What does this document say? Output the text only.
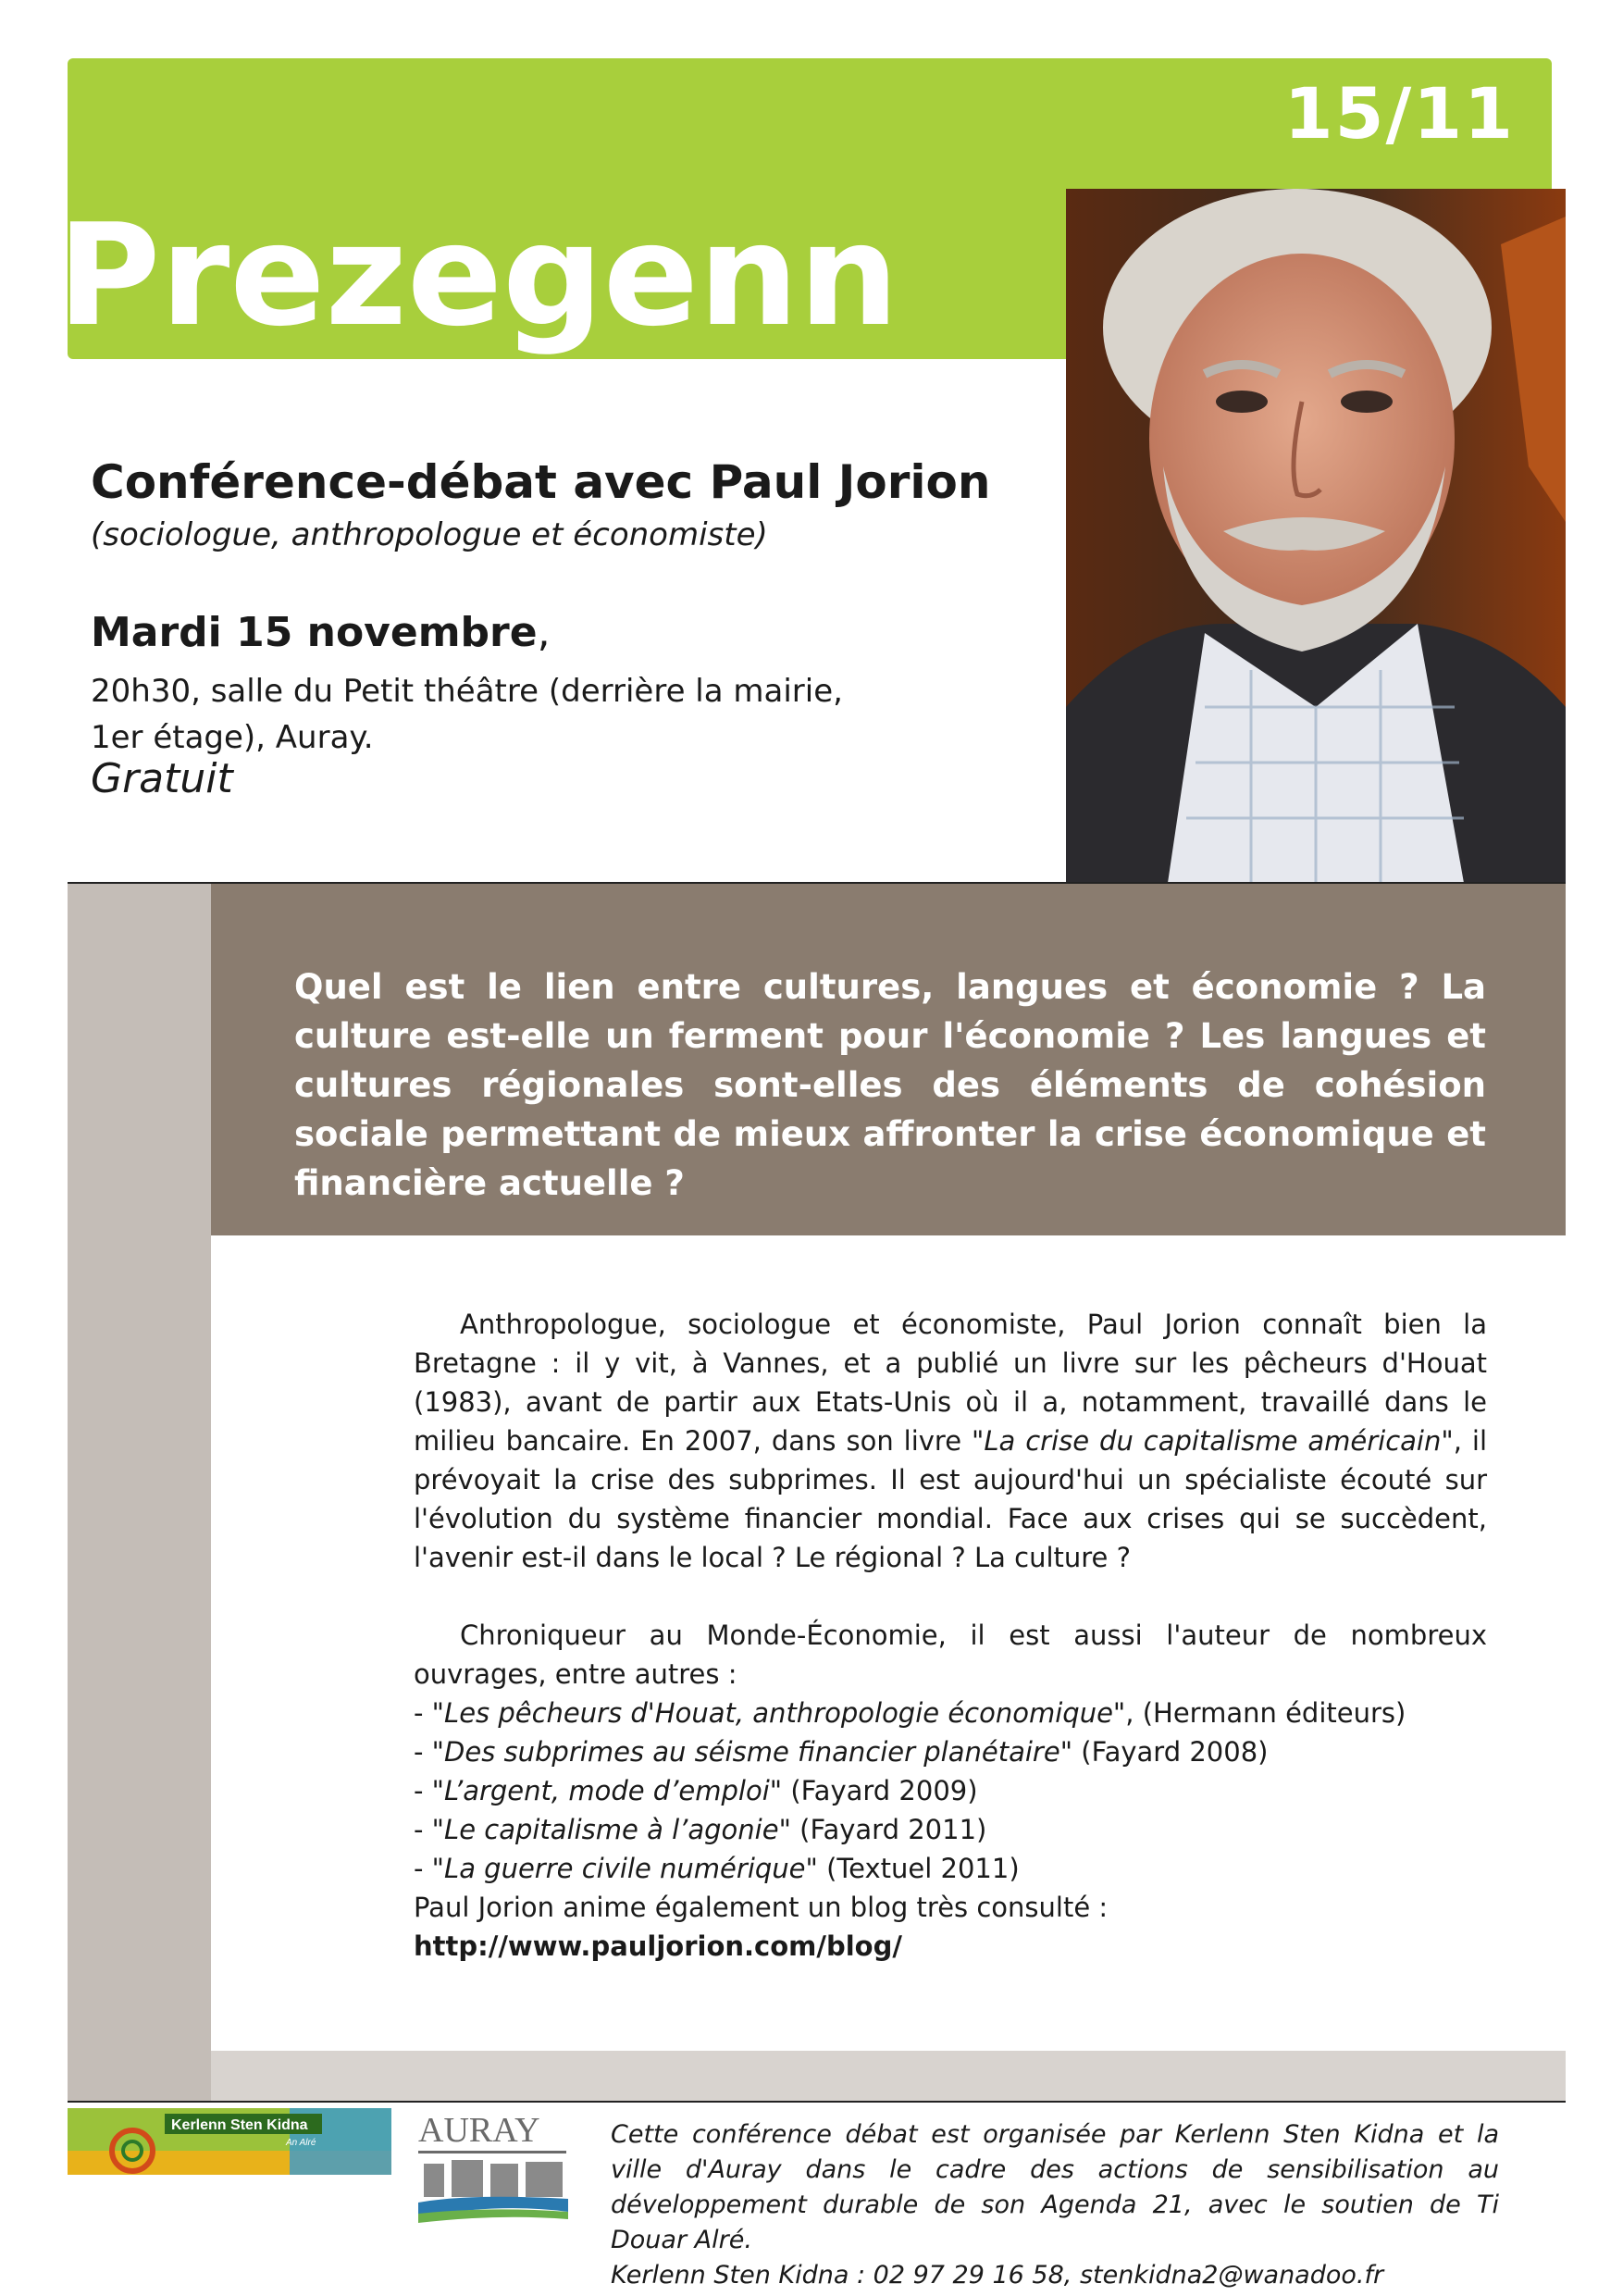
15/11
Prezegenn
Conférence-débat avec Paul Jorion
(sociologue, anthropologue et économiste)
Mardi 15 novembre,
20h30, salle du Petit théâtre (derrière la mairie,
1er étage), Auray.
Gratuit
Quel est le lien entre cultures, langues et économie ? La culture est-elle un ferment pour l'économie ? Les langues et cultures régionales sont-elles des éléments de cohésion sociale permettant de mieux affronter la crise économique et financière actuelle ?

Anthropologue, sociologue et économiste, Paul Jorion connaît bien la Bretagne : il y vit, à Vannes, et a publié un livre sur les pêcheurs d'Houat (1983), avant de partir aux Etats-Unis où il a, notamment, travaillé dans le milieu bancaire. En 2007, dans son livre "La crise du capitalisme américain", il prévoyait la crise des subprimes. Il est aujourd'hui un spécialiste écouté sur l'évolution du système financier mondial. Face aux crises qui se succèdent, l'avenir est-il dans le local ? Le régional ? La culture ?

Chroniqueur au Monde-Économie, il est aussi l'auteur de nombreux ouvrages, entre autres :

- "Les pêcheurs d'Houat, anthropologie économique", (Hermann éditeurs)
- "Des subprimes au séisme financier planétaire" (Fayard 2008)
- "L’argent, mode d’emploi" (Fayard 2009)
- "Le capitalisme à l’agonie" (Fayard 2011)
- "La guerre civile numérique" (Textuel 2011)
Paul Jorion anime également un blog très consulté :
http://www.pauljorion.com/blog/
Kerlenn Sten Kidna
An Alré	AURAY	Cette conférence débat est organisée par Kerlenn Sten Kidna et la ville d'Auray dans le cadre des actions de sensibilisation au développement durable de son Agenda 21, avec le soutien de Ti Douar Alré.
Kerlenn Sten Kidna : 02 97 29 16 58, stenkidna2@wanadoo.fr
